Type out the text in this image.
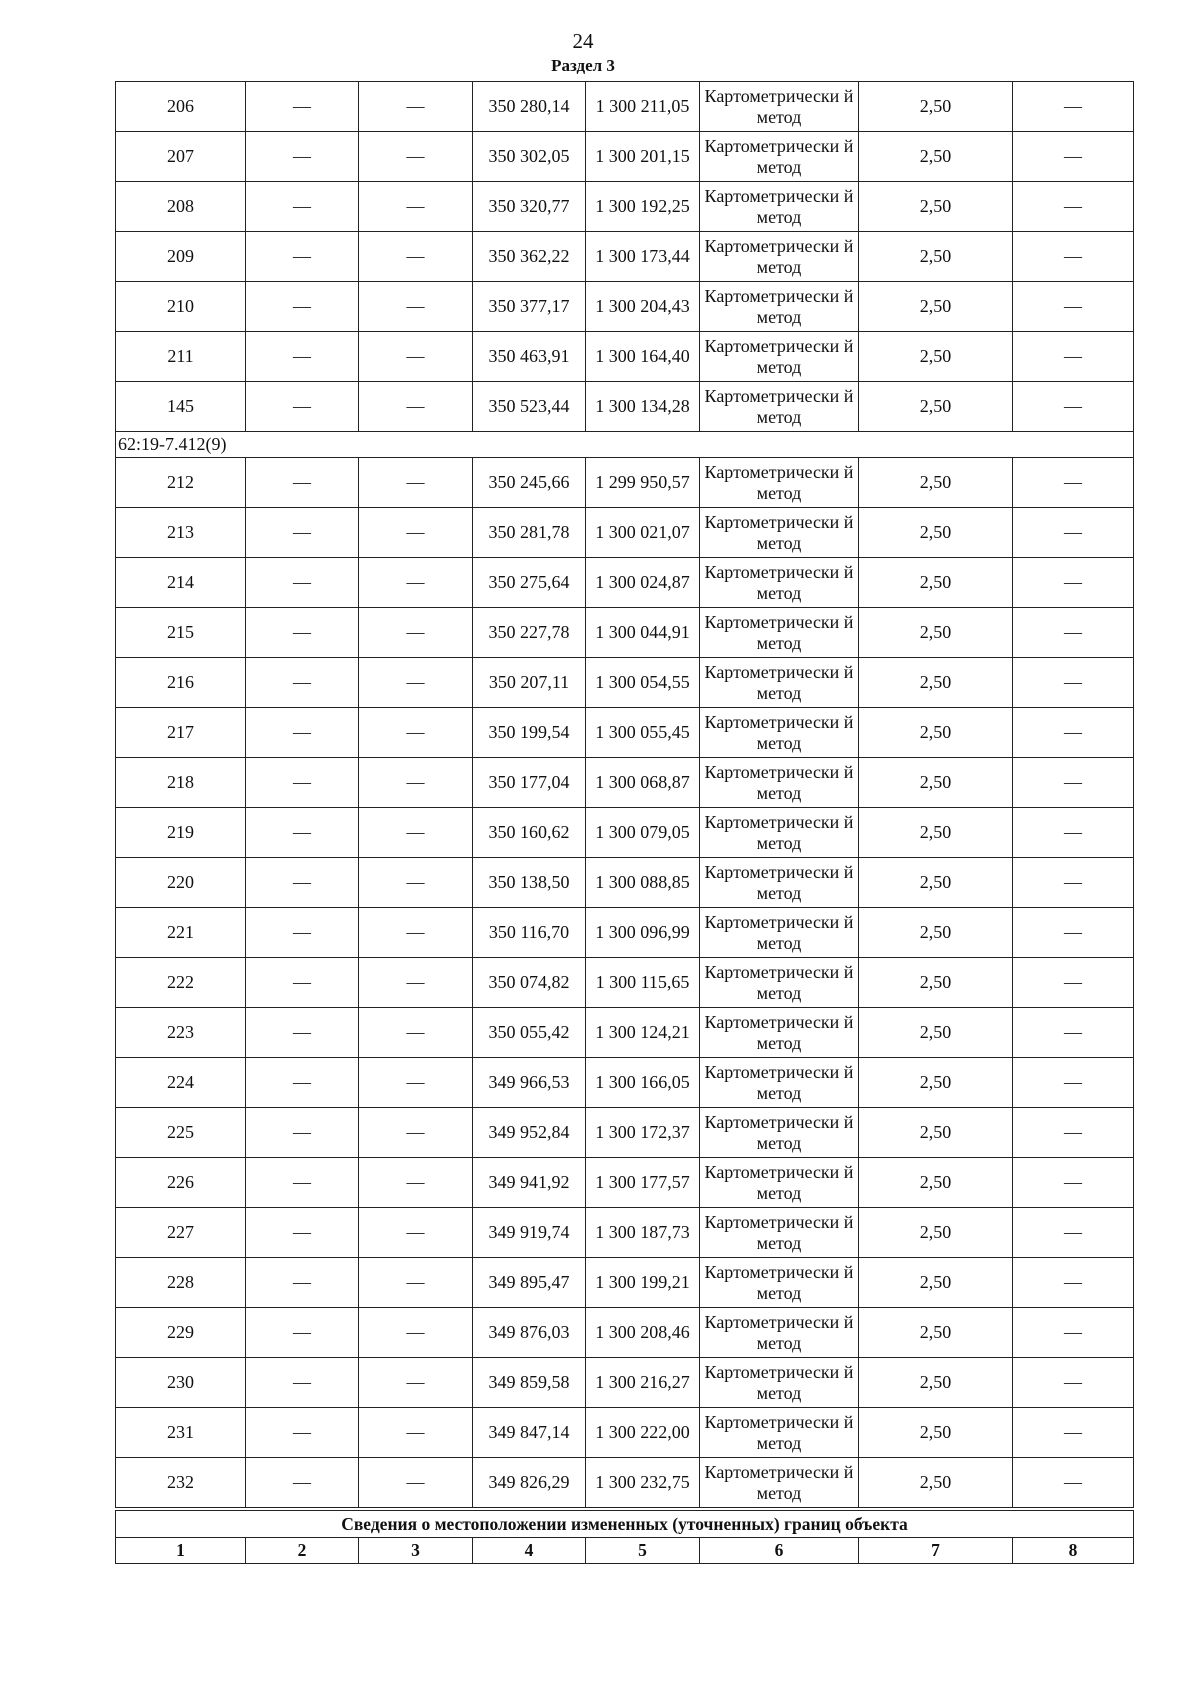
24
Раздел 3
206	—	—	350 280,14	1 300 211,05	Картометрически й метод	2,50	—
207	—	—	350 302,05	1 300 201,15	Картометрически й метод	2,50	—
208	—	—	350 320,77	1 300 192,25	Картометрически й метод	2,50	—
209	—	—	350 362,22	1 300 173,44	Картометрически й метод	2,50	—
210	—	—	350 377,17	1 300 204,43	Картометрически й метод	2,50	—
211	—	—	350 463,91	1 300 164,40	Картометрически й метод	2,50	—
145	—	—	350 523,44	1 300 134,28	Картометрически й метод	2,50	—
62:19-7.412(9)							
212	—	—	350 245,66	1 299 950,57	Картометрически й метод	2,50	—
213	—	—	350 281,78	1 300 021,07	Картометрически й метод	2,50	—
214	—	—	350 275,64	1 300 024,87	Картометрически й метод	2,50	—
215	—	—	350 227,78	1 300 044,91	Картометрически й метод	2,50	—
216	—	—	350 207,11	1 300 054,55	Картометрически й метод	2,50	—
217	—	—	350 199,54	1 300 055,45	Картометрически й метод	2,50	—
218	—	—	350 177,04	1 300 068,87	Картометрически й метод	2,50	—
219	—	—	350 160,62	1 300 079,05	Картометрически й метод	2,50	—
220	—	—	350 138,50	1 300 088,85	Картометрически й метод	2,50	—
221	—	—	350 116,70	1 300 096,99	Картометрически й метод	2,50	—
222	—	—	350 074,82	1 300 115,65	Картометрически й метод	2,50	—
223	—	—	350 055,42	1 300 124,21	Картометрически й метод	2,50	—
224	—	—	349 966,53	1 300 166,05	Картометрически й метод	2,50	—
225	—	—	349 952,84	1 300 172,37	Картометрически й метод	2,50	—
226	—	—	349 941,92	1 300 177,57	Картометрически й метод	2,50	—
227	—	—	349 919,74	1 300 187,73	Картометрически й метод	2,50	—
228	—	—	349 895,47	1 300 199,21	Картометрически й метод	2,50	—
229	—	—	349 876,03	1 300 208,46	Картометрически й метод	2,50	—
230	—	—	349 859,58	1 300 216,27	Картометрически й метод	2,50	—
231	—	—	349 847,14	1 300 222,00	Картометрически й метод	2,50	—
232	—	—	349 826,29	1 300 232,75	Картометрически й метод	2,50	—
Сведения о местоположении измененных (уточненных) границ объекта							
1	2	3	4	5	6	7	8
